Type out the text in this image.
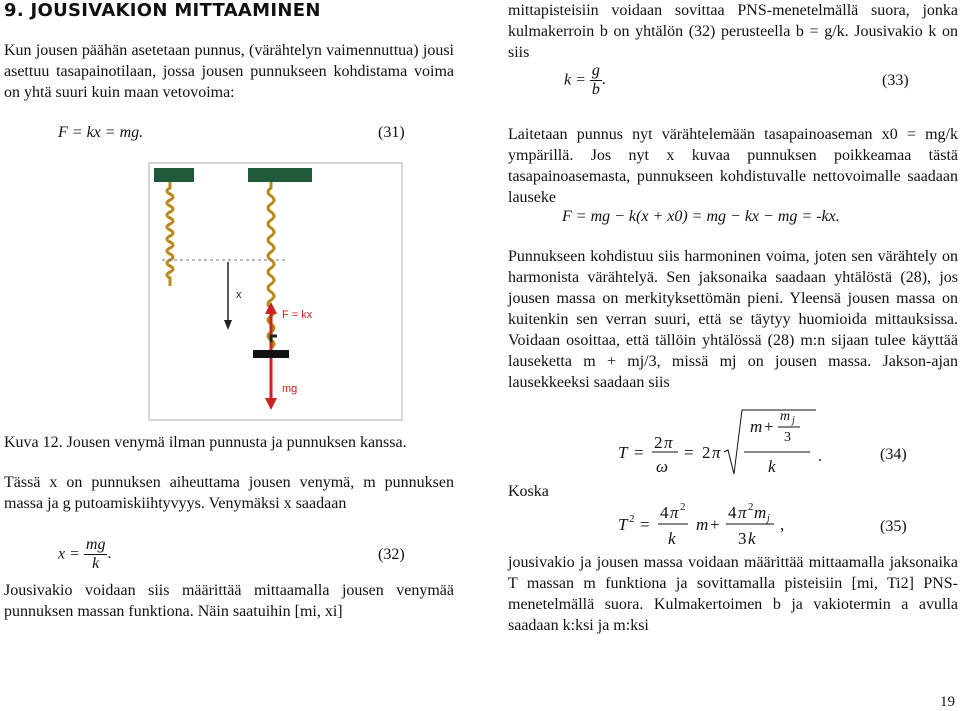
9. JOUSIVAKION MITTAAMINEN
Kun jousen päähän asetetaan punnus, (värähtelyn vaimennuttua) jousi asettuu tasapainotilaan, jossa jousen punnukseen kohdistama voima on yhtä suuri kuin maan vetovoima:
F = kx = mg.	(31)
x
F = kx
mg
Kuva 12. Jousen venymä ilman punnusta ja punnuksen kanssa.
Tässä x on punnuksen aiheuttama jousen venymä, m punnuksen massa ja g putoamiskiihtyvyys. Venymäksi x saadaan
$x = \frac{mg}{k}$ .	(32)
Jousivakio voidaan siis määrittää mittaamalla jousen venymää punnuksen massan funktiona. Näin saatuihin [mi, xi]
mittapisteisiin voidaan sovittaa PNS-menetelmällä suora, jonka kulmakerroin b on yhtälön (32) perusteella b = g/k. Jousivakio k on siis
$k = \frac{g}{b}$ .	(33)
Laitetaan punnus nyt värähtelemään tasapainoaseman x0 = mg/k ympärillä. Jos nyt x kuvaa punnuksen poikkeamaa tästä tasapainoasemasta, punnukseen kohdistuvalle nettovoimalle saadaan lauseke
F = mg − k(x + x0) = mg − kx − mg = -kx.
Punnukseen kohdistuu siis harmoninen voima, joten sen värähtely on harmonista värähtelyä. Sen jaksonaika saadaan yhtälöstä (28), jos jousen massa on merkityksettömän pieni. Yleensä jousen massa on kuitenkin sen verran suuri, että se täytyy huomioida mittauksissa. Voidaan osoittaa, että tällöin yhtälössä (28) m:n sijaan tulee käyttää lauseketta m + mj/3, missä mj on jousen massa. Jakson-ajan lausekkeeksi saadaan siis
T =
2 π
ω
= 2 π
m +
m j
3
k
.	(34)
Koska
T 2 =
4 π 2
k
m +
4 π 2 m j
3 k
,	(35)
jousivakio ja jousen massa voidaan määrittää mittaamalla jaksonaika T massan m funktiona ja sovittamalla pisteisiin [mi, Ti2] PNS-menetelmällä suora. Kulmakertoimen b ja vakiotermin a avulla saadaan k:ksi ja m:ksi
19
